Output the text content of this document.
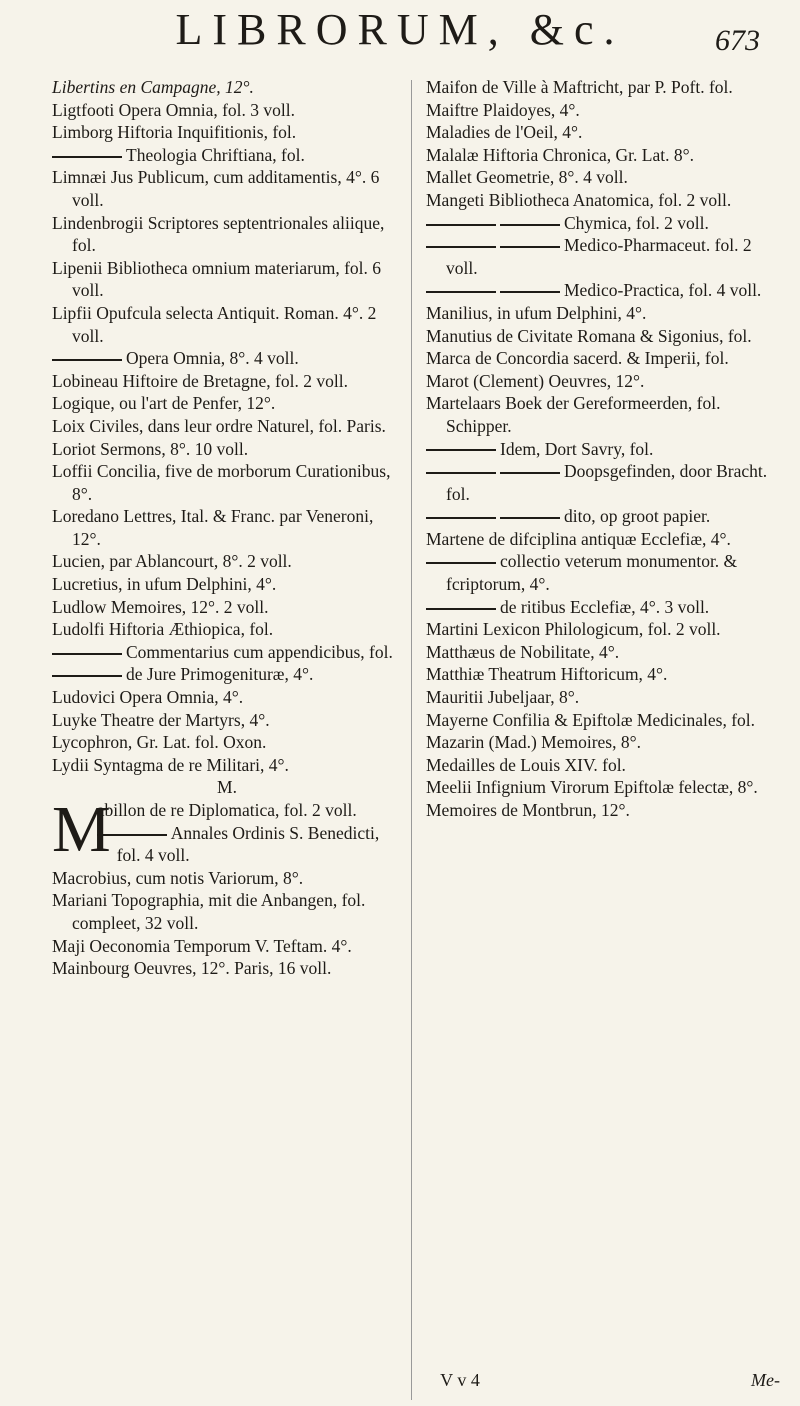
LIBRORUM, &c.	673

Libertins en Campagne, 12°.

Ligtfooti Opera Omnia, fol. 3 voll.

Limborg Hiftoria Inquifitionis, fol.

Theologia Chriftiana, fol.

Limnæi Jus Publicum, cum additamentis, 4°. 6 voll.

Lindenbrogii Scriptores septentrionales aliique, fol.

Lipenii Bibliotheca omnium materiarum, fol. 6 voll.

Lipfii Opufcula selecta Antiquit. Roman. 4°. 2 voll.

Opera Omnia, 8°. 4 voll.

Lobineau Hiftoire de Bretagne, fol. 2 voll.

Logique, ou l'art de Penfer, 12°.

Loix Civiles, dans leur ordre Naturel, fol. Paris.

Loriot Sermons, 8°. 10 voll.

Loffii Concilia, five de morborum Curationibus, 8°.

Loredano Lettres, Ital. & Franc. par Veneroni, 12°.

Lucien, par Ablancourt, 8°. 2 voll.

Lucretius, in ufum Delphini, 4°.

Ludlow Memoires, 12°. 2 voll.

Ludolfi Hiftoria Æthiopica, fol.

Commentarius cum appendicibus, fol.

de Jure Primogenituræ, 4°.

Ludovici Opera Omnia, 4°.

Luyke Theatre der Martyrs, 4°.

Lycophron, Gr. Lat. fol. Oxon.

Lydii Syntagma de re Militari, 4°.

M.

M
abillon de re Diplomatica, fol. 2 voll.

Annales Ordinis S. Benedicti, fol. 4 voll.

Macrobius, cum notis Variorum, 8°.

Mariani Topographia, mit die Anbangen, fol. compleet, 32 voll.

Maji Oeconomia Temporum V. Teftam. 4°.

Mainbourg Oeuvres, 12°. Paris, 16 voll.

Maifon de Ville à Maftricht, par P. Poft. fol.

Maiftre Plaidoyes, 4°.

Maladies de l'Oeil, 4°.

Malalæ Hiftoria Chronica, Gr. Lat. 8°.

Mallet Geometrie, 8°. 4 voll.

Mangeti Bibliotheca Anatomica, fol. 2 voll.

Chymica, fol. 2 voll.

Medico-Pharmaceut. fol. 2 voll.

Medico-Practica, fol. 4 voll.

Manilius, in ufum Delphini, 4°.

Manutius de Civitate Romana & Sigonius, fol.

Marca de Concordia sacerd. & Imperii, fol.

Marot (Clement) Oeuvres, 12°.

Martelaars Boek der Gereformeerden, fol. Schipper.

Idem, Dort Savry, fol.

Doopsgefinden, door Bracht. fol.

dito, op groot papier.

Martene de difciplina antiquæ Ecclefiæ, 4°.

collectio veterum monumentor. & fcriptorum, 4°.

de ritibus Ecclefiæ, 4°. 3 voll.

Martini Lexicon Philologicum, fol. 2 voll.

Matthæus de Nobilitate, 4°.

Matthiæ Theatrum Hiftoricum, 4°.

Mauritii Jubeljaar, 8°.

Mayerne Confilia & Epiftolæ Medicinales, fol.

Mazarin (Mad.) Memoires, 8°.

Medailles de Louis XIV. fol.

Meelii Infignium Virorum Epiftolæ felectæ, 8°.

Memoires de Montbrun, 12°.

V v 4	Me-
